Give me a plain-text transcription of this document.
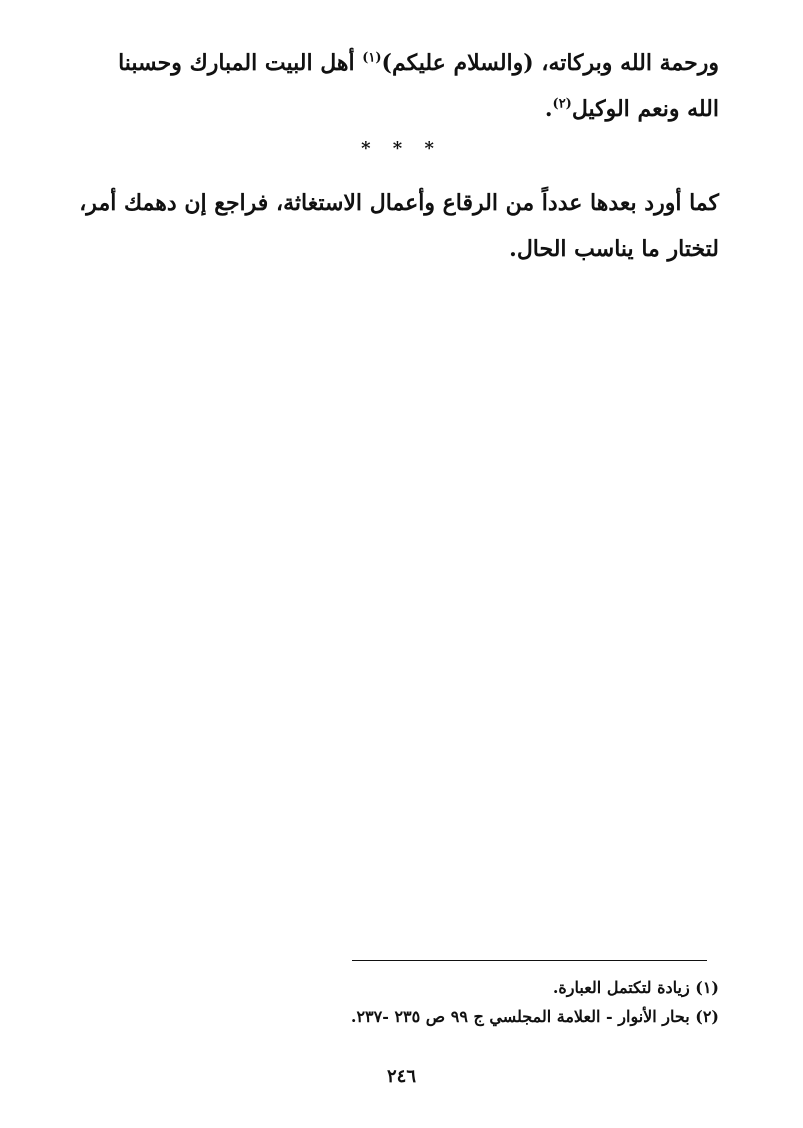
ورحمة الله وبركاته، (والسلام عليكم)$^{(١)}$ أهل البيت المبارك وحسبنا الله ونعم الوكيل$^{(٢)}$.

* * *

كما أورد بعدها عدداً من الرقاع وأعمال الاستغاثة، فراجع إن دهمك أمر، لتختار ما يناسب الحال.

(١) زيادة لتكتمل العبارة.

(٢) بحار الأنوار - العلامة المجلسي ج ٩٩ ص ٢٣٥ -٢٣٧.

٢٤٦
